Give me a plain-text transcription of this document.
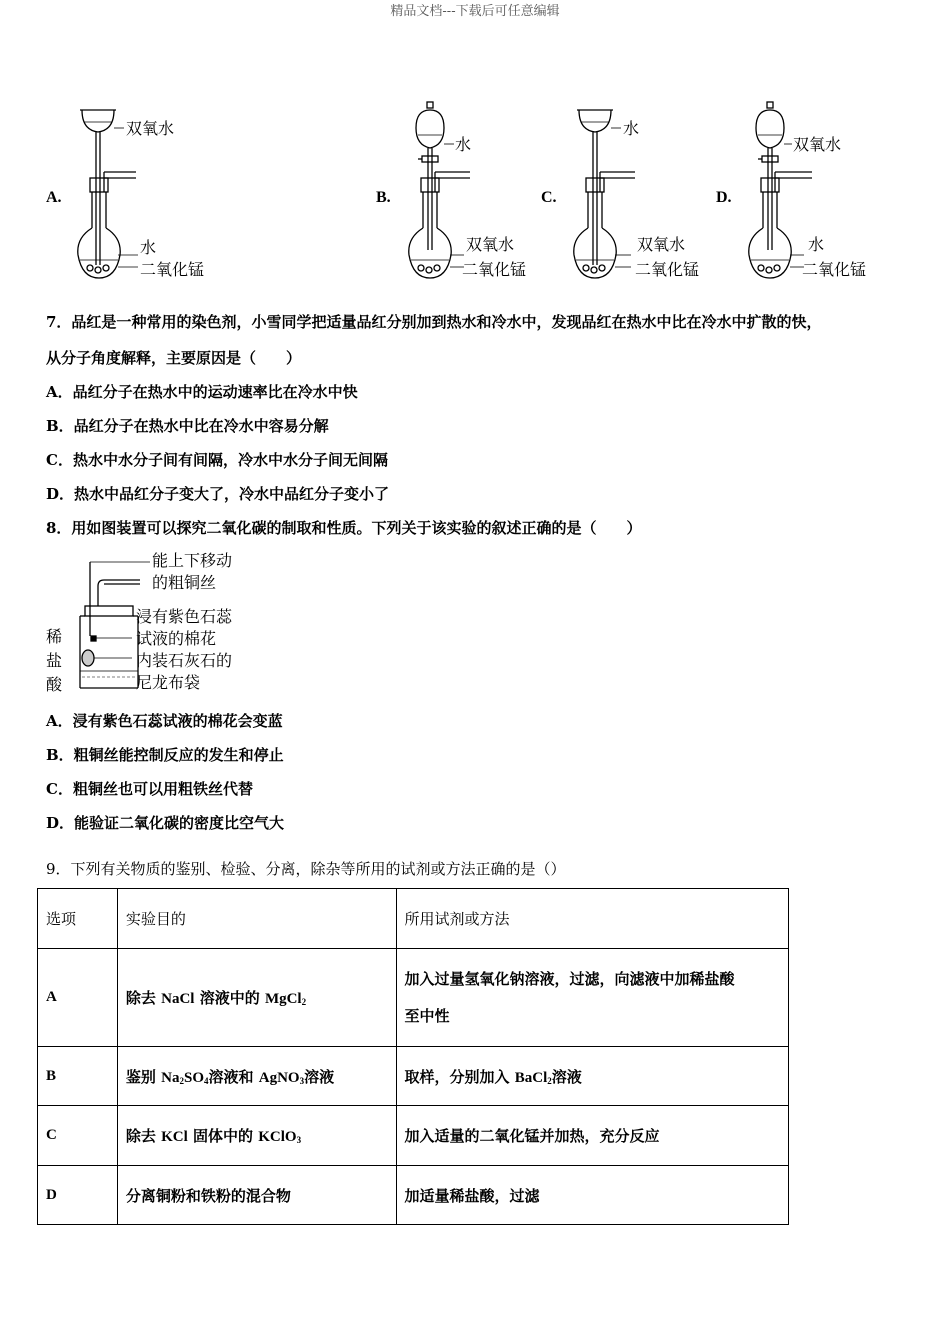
精品文档---下载后可任意编辑
A.
双氧水
水
二氧化锰
B.
水
双氧水
二氧化锰
C.
水
双氧水
二氧化锰
D.
双氧水
水
二氧化锰
7．品红是一种常用的染色剂，小雪同学把适量品红分别加到热水和冷水中，发现品红在热水中比在冷水中扩散的快，
从分子角度解释，主要原因是（　　）
A．品红分子在热水中的运动速率比在冷水中快
B．品红分子在热水中比在冷水中容易分解
C．热水中水分子间有间隔，冷水中水分子间无间隔
D．热水中品红分子变大了，冷水中品红分子变小了
8．用如图装置可以探究二氧化碳的制取和性质。下列关于该实验的叙述正确的是（　　）
能上下移动
的粗铜丝
浸有紫色石蕊
试液的棉花
内装石灰石的
尼龙布袋
稀
盐
酸
A．浸有紫色石蕊试液的棉花会变蓝
B．粗铜丝能控制反应的发生和停止
C．粗铜丝也可以用粗铁丝代替
D．能验证二氧化碳的密度比空气大
9．下列有关物质的鉴别、检验、分离，除杂等所用的试剂或方法正确的是（）
选项	实验目的	所用试剂或方法
A	除去 NaCl 溶液中的 MgCl$_2$	加入过量氢氧化钠溶液，过滤，向滤液中加稀盐酸
至中性
B	鉴别 $Na_2SO_4$溶液和 AgNO$_3$溶液	取样，分别加入 BaCl$_2$溶液
C	除去 KCl 固体中的 KClO$_3$	加入适量的二氧化锰并加热，充分反应
D	分离铜粉和铁粉的混合物	加适量稀盐酸，过滤
